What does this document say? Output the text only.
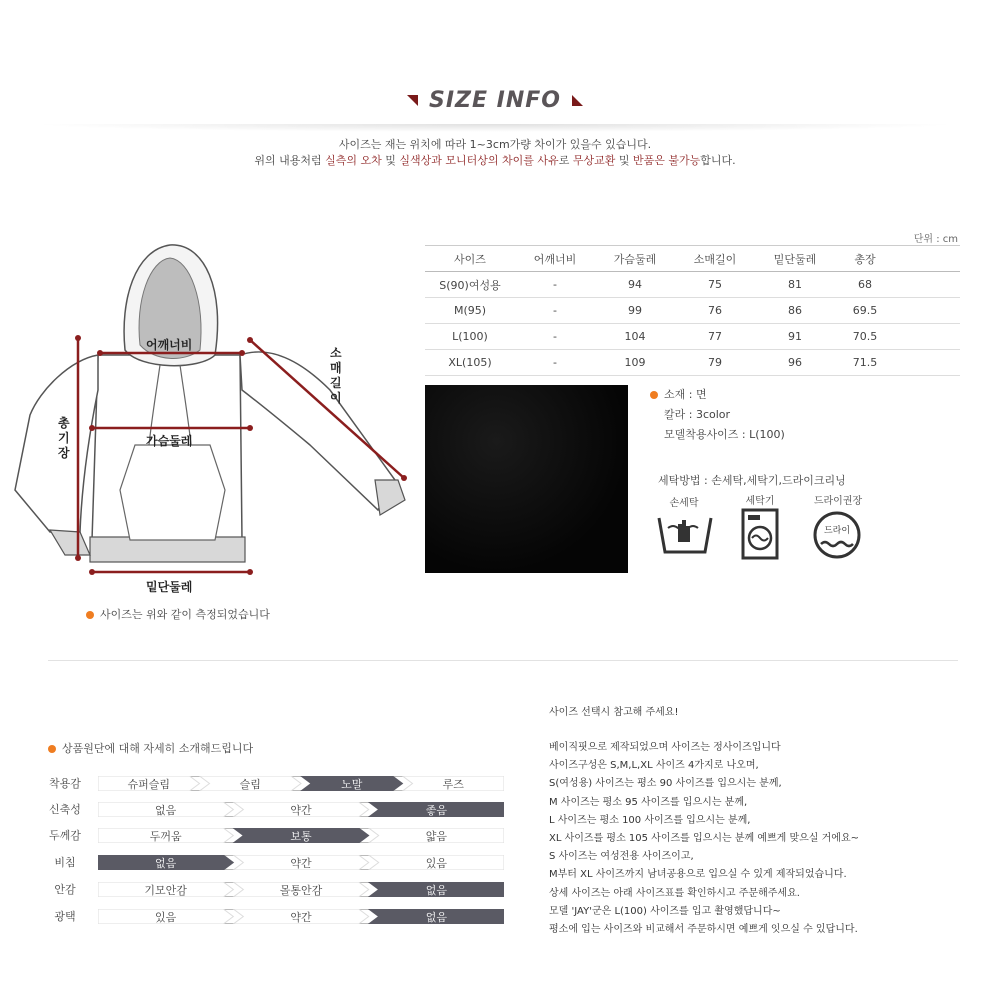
SIZE INFO
사이즈는 재는 위치에 따라 1~3cm가량 차이가 있을수 있습니다.
위의 내용처럼 실측의 오차 및 실색상과 모니터상의 차이를 사유로 무상교환 및 반품은 불가능합니다.
어깨너비
가슴둘레
밑단둘레
소
매
길
이
총
기
장
사이즈는 위와 같이 측정되었습니다
단위 : cm
사이즈	어깨너비	가슴둘레	소매길이	밑단둘레	총장	
S(90)여성용	-	94	75	81	68	
M(95)	-	99	76	86	69.5	
L(100)	-	104	77	91	70.5	
XL(105)	-	109	79	96	71.5	
소재 : 면
칼라 : 3color
모델착용사이즈 : L(100)
세탁방법 : 손세탁,세탁기,드라이크리닝
손세탁	세탁기	드라이권장
드라이
상품원단에 대해 자세히 소개해드립니다
착용감	슈퍼슬림	슬림	노말	루즈
신축성	없음	약간	좋음
두께감	두꺼움	보통	얇음
비침	없음	약간	있음
안감	기모안감	몰통안감	없음
광택	있음	약간	없음
사이즈 선택시 참고해 주세요!
베이직핏으로 제작되었으며 사이즈는 정사이즈입니다
사이즈구성은 S,M,L,XL 사이즈 4가지로 나오며,
S(여성용) 사이즈는 평소 90 사이즈를 입으시는 분께,
M 사이즈는 평소 95 사이즈를 입으시는 분께,
L 사이즈는 평소 100 사이즈를 입으시는 분께,
XL 사이즈를 평소 105 사이즈를 입으시는 분께 예쁘게 맞으실 거에요~
S 사이즈는 여성전용 사이즈이고,
M부터 XL 사이즈까지 남녀공용으로 입으실 수 있게 제작되었습니다.
상세 사이즈는 아래 사이즈표를 확인하시고 주문해주세요.
모델 'JAY'군은 L(100) 사이즈를 입고 촬영했답니다~
평소에 입는 사이즈와 비교해서 주문하시면 예쁘게 잇으실 수 있답니다.
